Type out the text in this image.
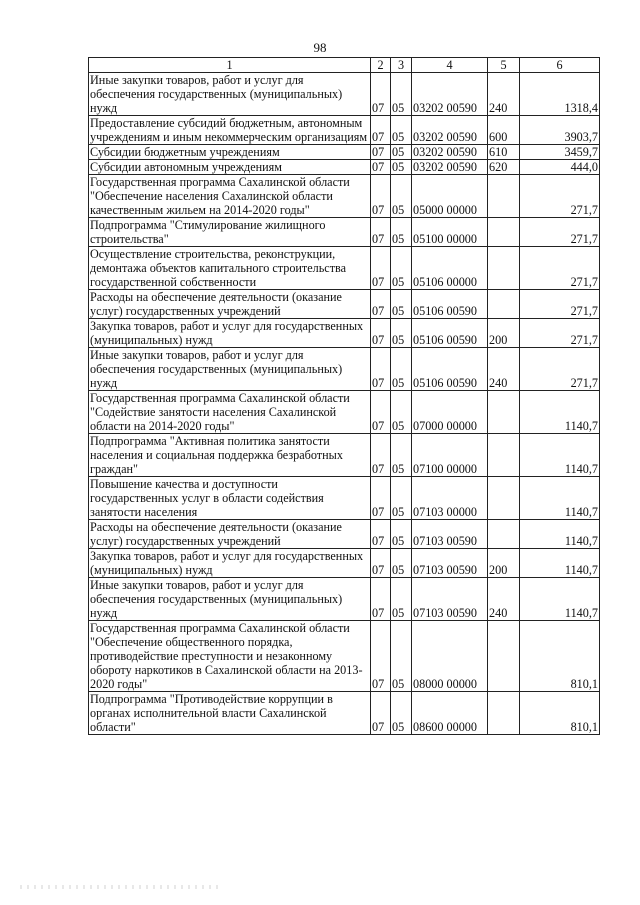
98
1	2	3	4	5	6
Иные закупки товаров, работ и услуг для обеспечения государственных (муниципальных) нужд	07	05	03202 00590	240	1318,4
Предоставление субсидий бюджетным, автономным учреждениям и иным некоммерческим организациям	07	05	03202 00590	600	3903,7
Субсидии бюджетным учреждениям	07	05	03202 00590	610	3459,7
Субсидии автономным учреждениям	07	05	03202 00590	620	444,0
Государственная программа Сахалинской области "Обеспечение населения Сахалинской области качественным жильем на 2014-2020 годы"	07	05	05000 00000		271,7
Подпрограмма "Стимулирование жилищного строительства"	07	05	05100 00000		271,7
Осуществление строительства, реконструкции, демонтажа объектов капитального строительства государственной собственности	07	05	05106 00000		271,7
Расходы на обеспечение деятельности (оказание услуг) государственных учреждений	07	05	05106 00590		271,7
Закупка товаров, работ и услуг для государственных (муниципальных) нужд	07	05	05106 00590	200	271,7
Иные закупки товаров, работ и услуг для обеспечения государственных (муниципальных) нужд	07	05	05106 00590	240	271,7
Государственная программа Сахалинской области "Содействие занятости населения Сахалинской области на 2014-2020 годы"	07	05	07000 00000		1140,7
Подпрограмма "Активная политика занятости населения и социальная поддержка безработных граждан"	07	05	07100 00000		1140,7
Повышение качества и доступности государственных услуг в области содействия занятости населения	07	05	07103 00000		1140,7
Расходы на обеспечение деятельности (оказание услуг) государственных учреждений	07	05	07103 00590		1140,7
Закупка товаров, работ и услуг для государственных (муниципальных) нужд	07	05	07103 00590	200	1140,7
Иные закупки товаров, работ и услуг для обеспечения государственных (муниципальных) нужд	07	05	07103 00590	240	1140,7
Государственная программа Сахалинской области "Обеспечение общественного порядка, противодействие преступности и незаконному обороту наркотиков в Сахалинской области на 2013-2020 годы"	07	05	08000 00000		810,1
Подпрограмма "Противодействие коррупции в органах исполнительной власти Сахалинской области"	07	05	08600 00000		810,1
